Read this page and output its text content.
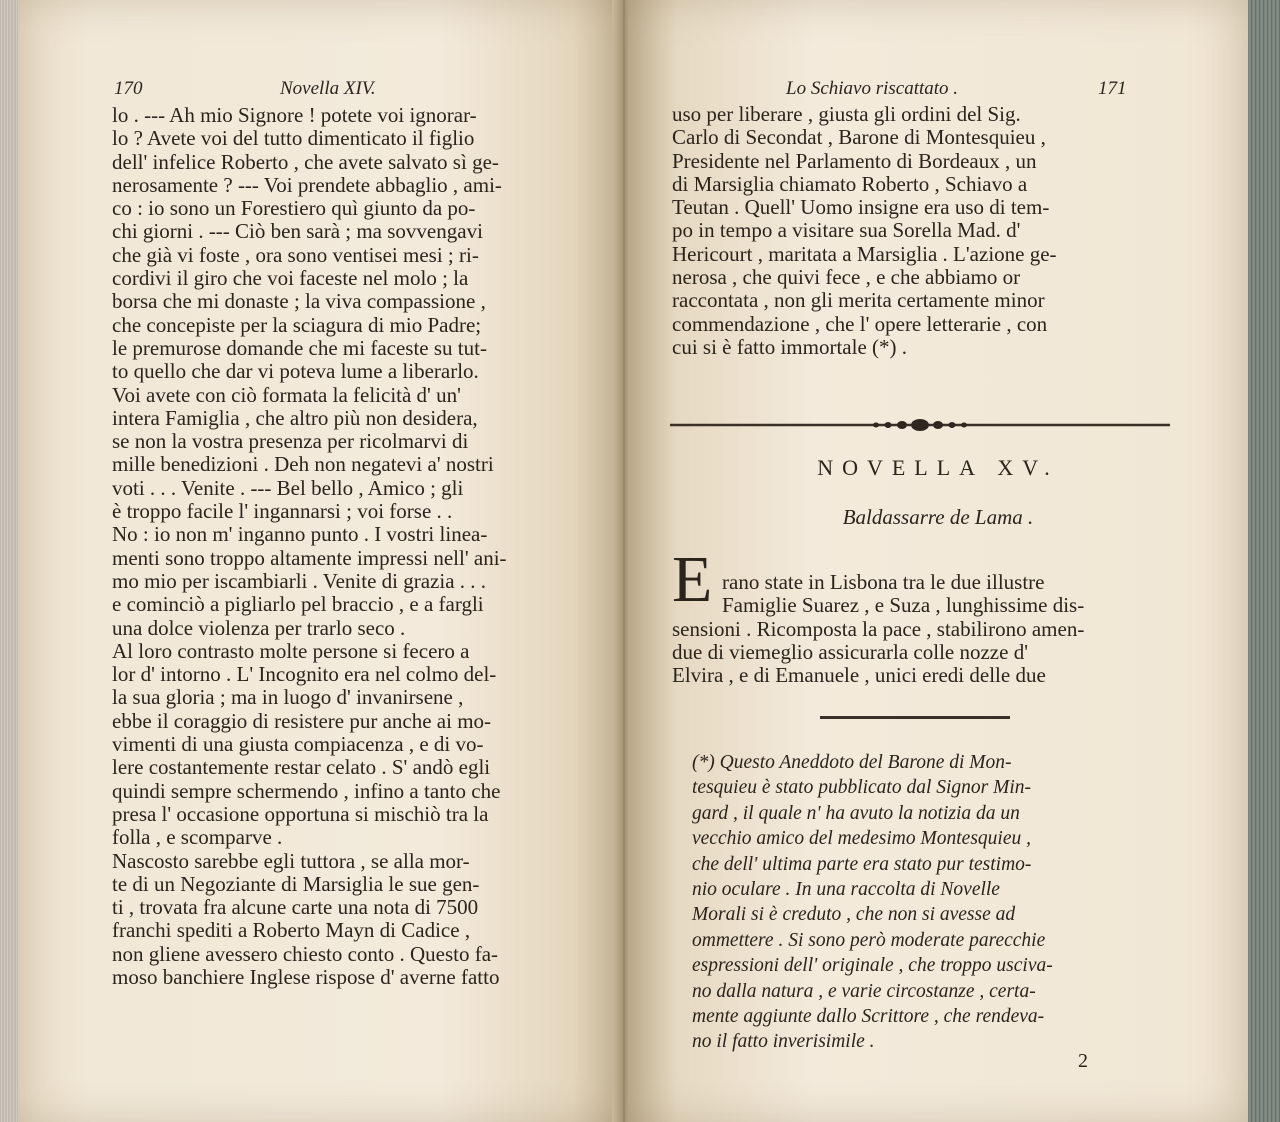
170	Novella XIV.
lo . --- Ah mio Signore ! potete voi ignorar-
lo ? Avete voi del tutto dimenticato il figlio
dell' infelice Roberto , che avete salvato sì ge-
nerosamente ? --- Voi prendete abbaglio , ami-
co : io sono un Forestiero quì giunto da po-
chi giorni . --- Ciò ben sarà ; ma sovvengavi
che già vi foste , ora sono ventisei mesi ; ri-
cordivi il giro che voi faceste nel molo ; la
borsa che mi donaste ; la viva compassione ,
che concepiste per la sciagura di mio Padre;
le premurose domande che mi faceste su tut-
to quello che dar vi poteva lume a liberarlo.
Voi avete con ciò formata la felicità d' un'
intera Famiglia , che altro più non desidera,
se non la vostra presenza per ricolmarvi di
mille benedizioni . Deh non negatevi a' nostri
voti . . . Venite . --- Bel bello , Amico ; gli
è troppo facile l' ingannarsi ; voi forse . .
No : io non m' inganno punto . I vostri linea-
menti sono troppo altamente impressi nell' ani-
mo mio per iscambiarli . Venite di grazia . . .
e cominciò a pigliarlo pel braccio , e a fargli
una dolce violenza per trarlo seco .
Al loro contrasto molte persone si fecero a
lor d' intorno . L' Incognito era nel colmo del-
la sua gloria ; ma in luogo d' invanirsene ,
ebbe il coraggio di resistere pur anche ai mo-
vimenti di una giusta compiacenza , e di vo-
lere costantemente restar celato . S' andò egli
quindi sempre schermendo , infino a tanto che
presa l' occasione opportuna si mischiò tra la
folla , e scomparve .
Nascosto sarebbe egli tuttora , se alla mor-
te di un Negoziante di Marsiglia le sue gen-
ti , trovata fra alcune carte una nota di 7500
franchi spediti a Roberto Mayn di Cadice ,
non gliene avessero chiesto conto . Questo fa-
moso banchiere Inglese rispose d' averne fatto
Lo Schiavo riscattato .	171
uso per liberare , giusta gli ordini del Sig.
Carlo di Secondat , Barone di Montesquieu ,
Presidente nel Parlamento di Bordeaux , un
di Marsiglia chiamato Roberto , Schiavo a
Teutan . Quell' Uomo insigne era uso di tem-
po in tempo a visitare sua Sorella Mad. d'
Hericourt , maritata a Marsiglia . L'azione ge-
nerosa , che quivi fece , e che abbiamo or
raccontata , non gli merita certamente minor
commendazione , che l' opere letterarie , con
cui si è fatto immortale (*) .
NOVELLA XV.
Baldassarre de Lama .
E rano state in Lisbona tra le due illustre
Famiglie Suarez , e Suza , lunghissime dis-
sensioni . Ricomposta la pace , stabilirono amen-
due di viemeglio assicurarla colle nozze d'
Elvira , e di Emanuele , unici eredi delle due
(*) Questo Aneddoto del Barone di Mon-
tesquieu è stato pubblicato dal Signor Min-
gard , il quale n' ha avuto la notizia da un
vecchio amico del medesimo Montesquieu ,
che dell' ultima parte era stato pur testimo-
nio oculare . In una raccolta di Novelle
Morali si è creduto , che non si avesse ad
ommettere . Si sono però moderate parecchie
espressioni dell' originale , che troppo usciva-
no dalla natura , e varie circostanze , certa-
mente aggiunte dallo Scrittore , che rendeva-
no il fatto inverisimile .
2
